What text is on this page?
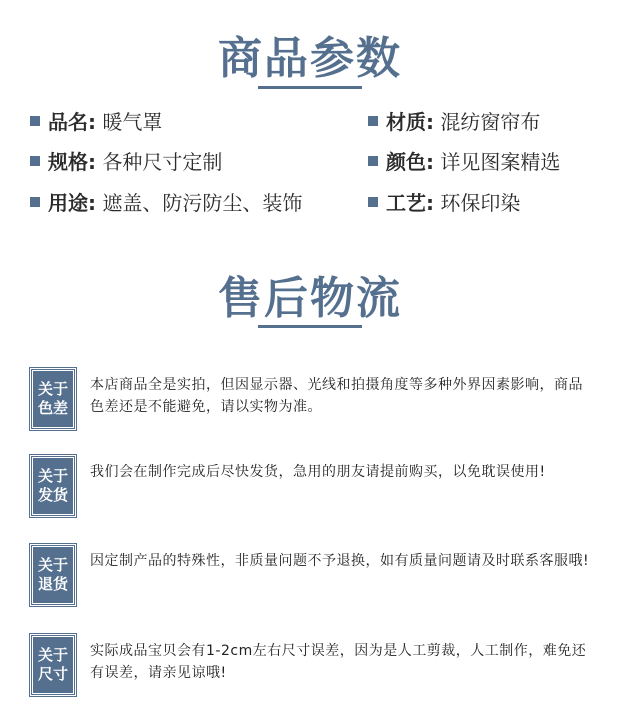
商品参数
品名: 暖气罩	材质: 混纺窗帘布
规格: 各种尺寸定制	颜色: 详见图案精选
用途: 遮盖、防污防尘、装饰	工艺: 环保印染
售后物流
关于
色差
本店商品全是实拍，但因显示器、光线和拍摄角度等多种外界因素影响，商品色差还是不能避免，请以实物为准。
关于
发货
我们会在制作完成后尽快发货，急用的朋友请提前购买，以免耽误使用!
关于
退货
因定制产品的特殊性，非质量问题不予退换，如有质量问题请及时联系客服哦!
关于
尺寸
实际成品宝贝会有1-2cm左右尺寸误差，因为是人工剪裁，人工制作，难免还有误差，请亲见谅哦!
